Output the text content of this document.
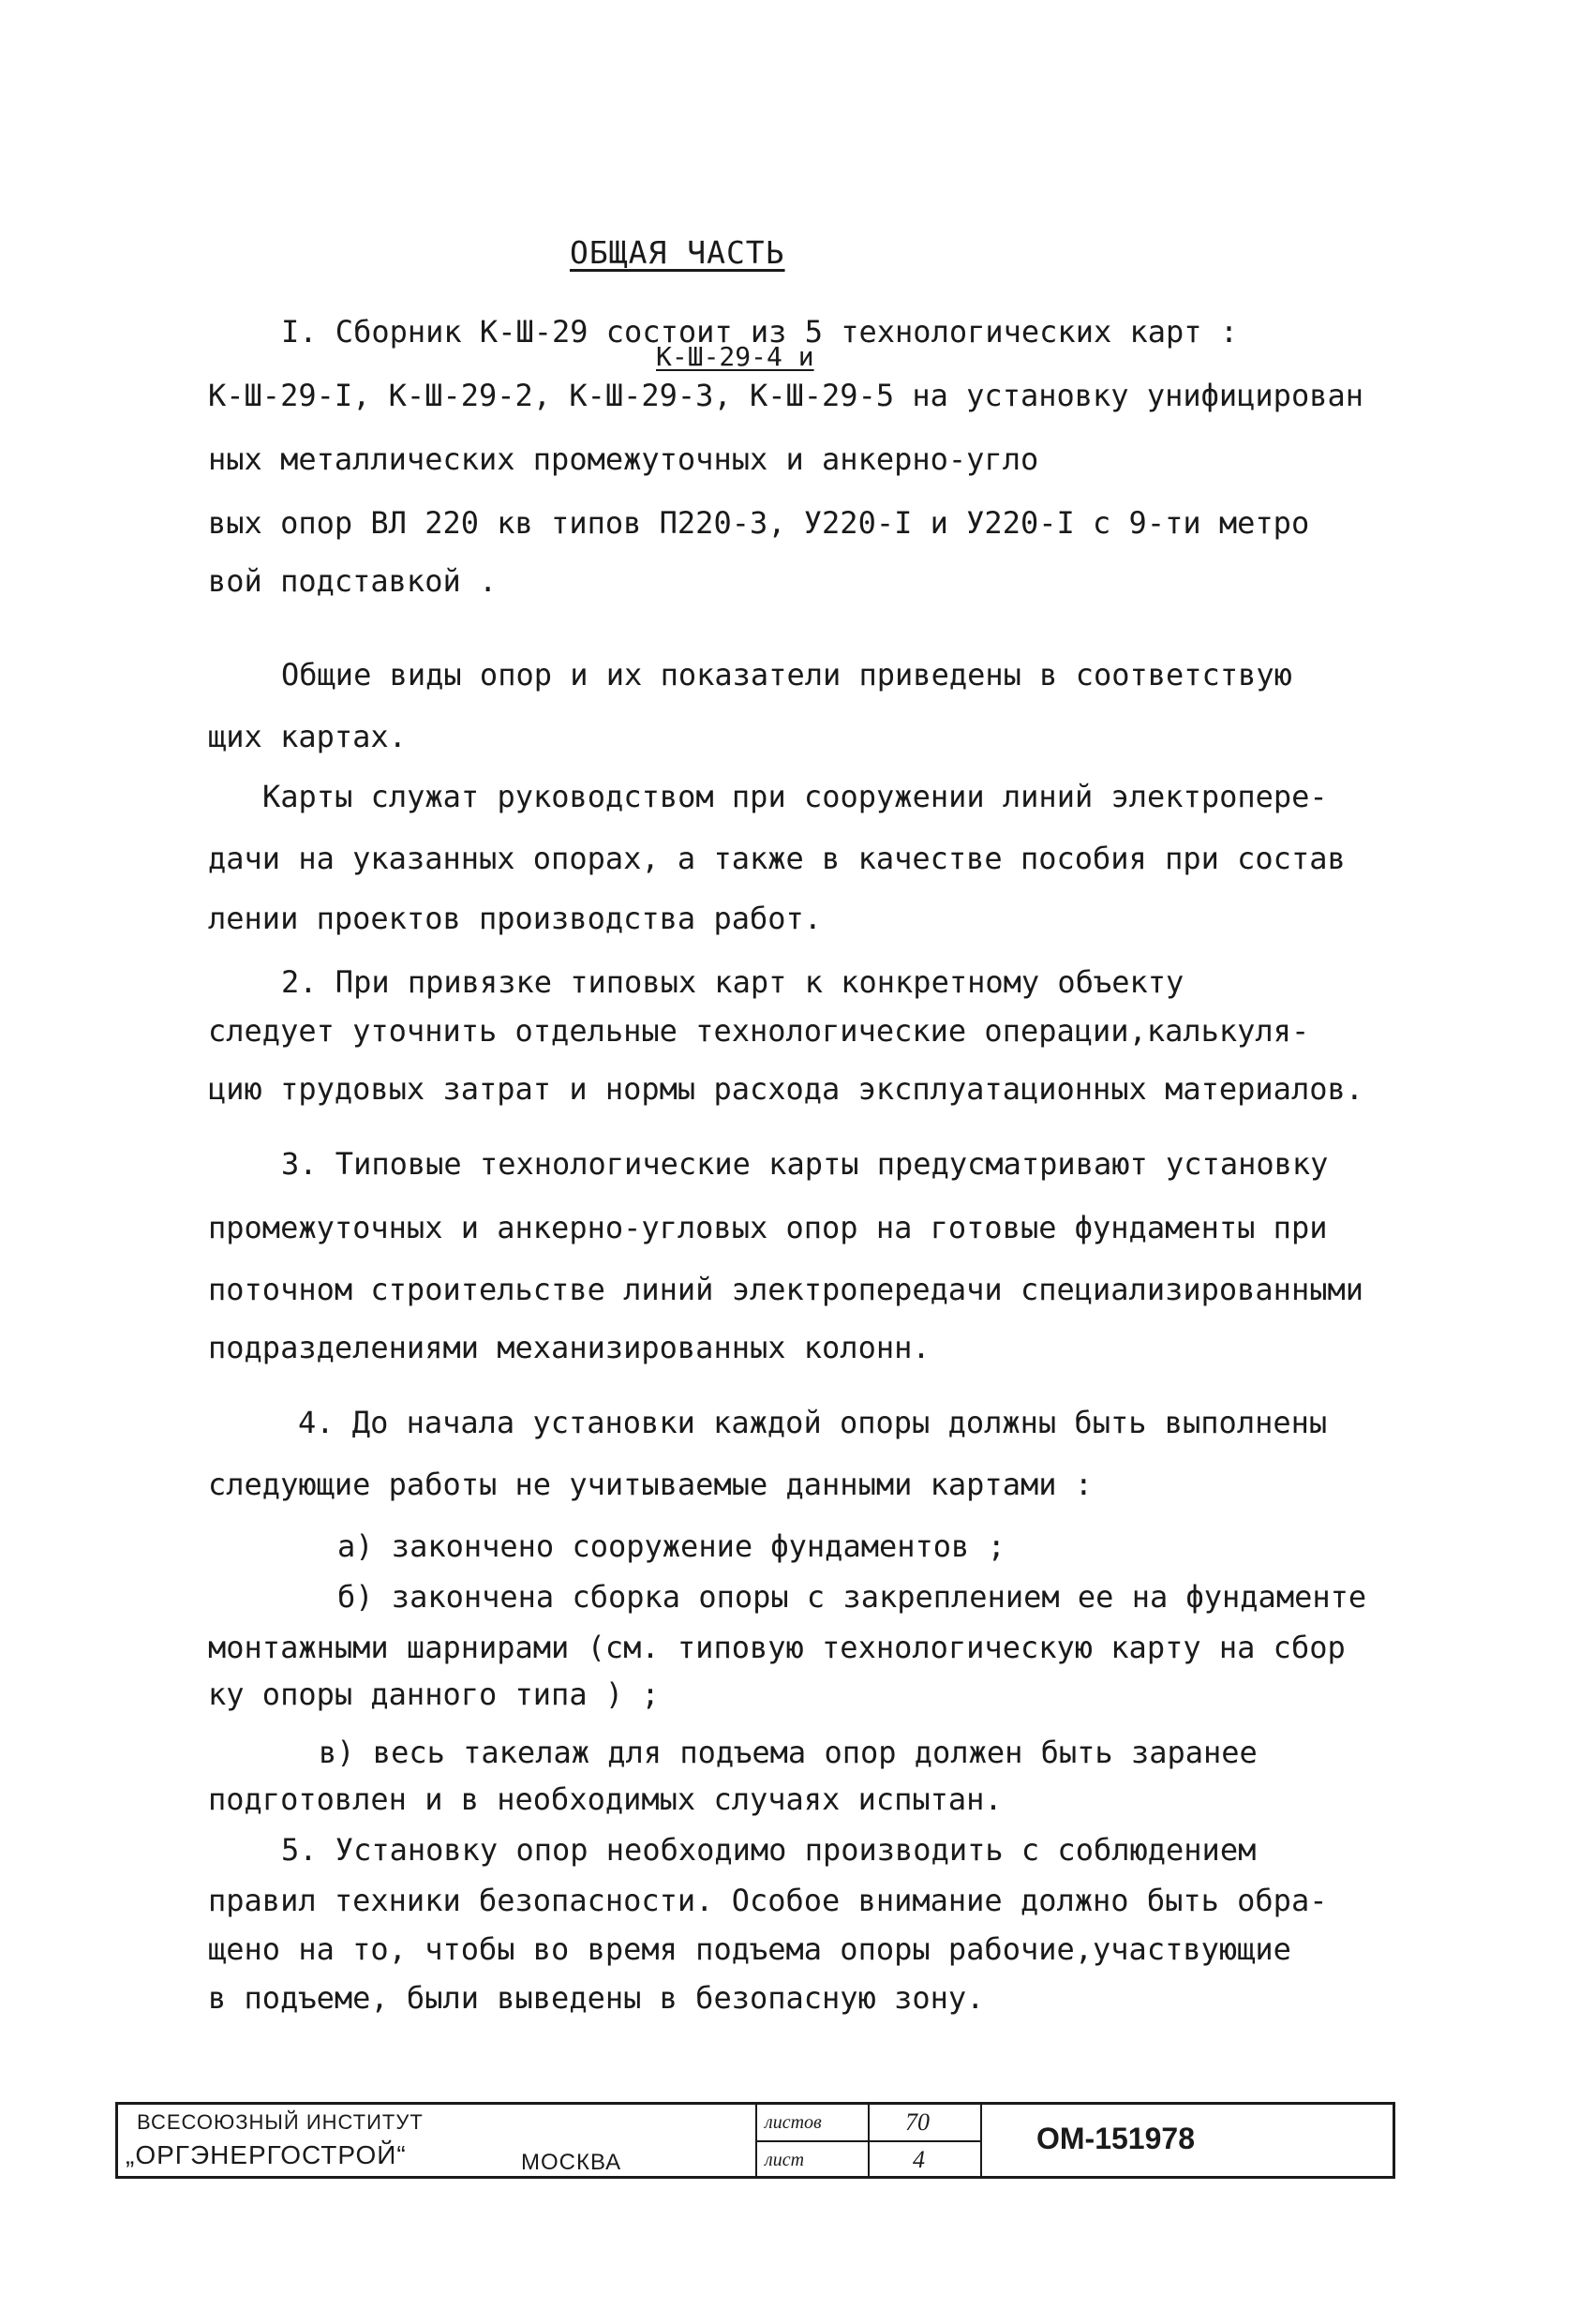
ОБЩАЯ ЧАСТЬ
К-Ш-29-4 и
I. Сборник К-Ш-29 состоит из 5 технологических карт :
К-Ш-29-I, К-Ш-29-2, К-Ш-29-3, К-Ш-29-5 на установку унифицирован
ных металлических промежуточных и анкерно-угло
вых опор ВЛ 220 кв типов П220-3, У220-I и У220-I с 9-ти метро
вой подставкой .
Общие виды опор и их показатели приведены в соответствую
щих картах.
Карты служат руководством при сооружении линий электропере-
дачи на указанных опорах, а также в качестве пособия при состав
лении проектов производства работ.
2. При привязке типовых карт к конкретному объекту
следует уточнить отдельные технологические операции,калькуля-
цию трудовых затрат и нормы расхода эксплуатационных материалов.
3. Типовые технологические карты предусматривают установку
промежуточных и анкерно-угловых опор на готовые фундаменты при
поточном строительстве линий электропередачи специализированными
подразделениями механизированных колонн.
4. До начала установки каждой опоры должны быть выполнены
следующие работы не учитываемые данными картами :
а) закончено сооружение фундаментов ;
б) закончена сборка опоры с закреплением ее на фундаменте
монтажными шарнирами (см. типовую технологическую карту на сбор
ку опоры данного типа ) ;
в) весь такелаж для подъема опор должен быть заранее
подготовлен и в необходимых случаях испытан.
5. Установку опор необходимо производить с соблюдением
правил техники безопасности. Особое внимание должно быть обра-
щено на то, чтобы во время подъема опоры рабочие,участвующие
в подъеме, были выведены в безопасную зону.
ВСЕСОЮЗНЫЙ ИНСТИТУТ
„ОРГЭНЕРГОСТРОЙ“	МОСКВА
листов	70
лист	4
ОМ-151978
